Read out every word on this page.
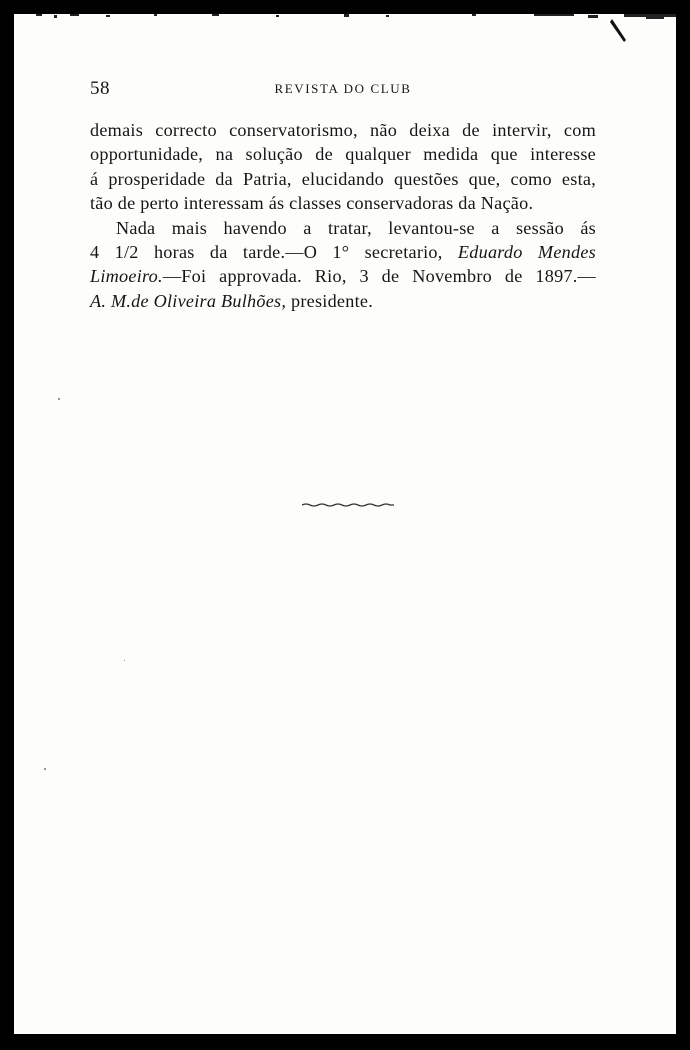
58	REVISTA DO CLUB
demais correcto conservatorismo, não deixa de intervir, com
opportunidade, na solução de qualquer medida que interesse
á prosperidade da Patria, elucidando questões que, como esta,
tão de perto interessam ás classes conservadoras da Nação.
Nada mais havendo a tratar, levantou-se a sessão ás
4 1/2 horas da tarde.—O 1° secretario, Eduardo Mendes
Limoeiro.—Foi approvada. Rio, 3 de Novembro de 1897.—
A. M.de Oliveira Bulhões, presidente.
